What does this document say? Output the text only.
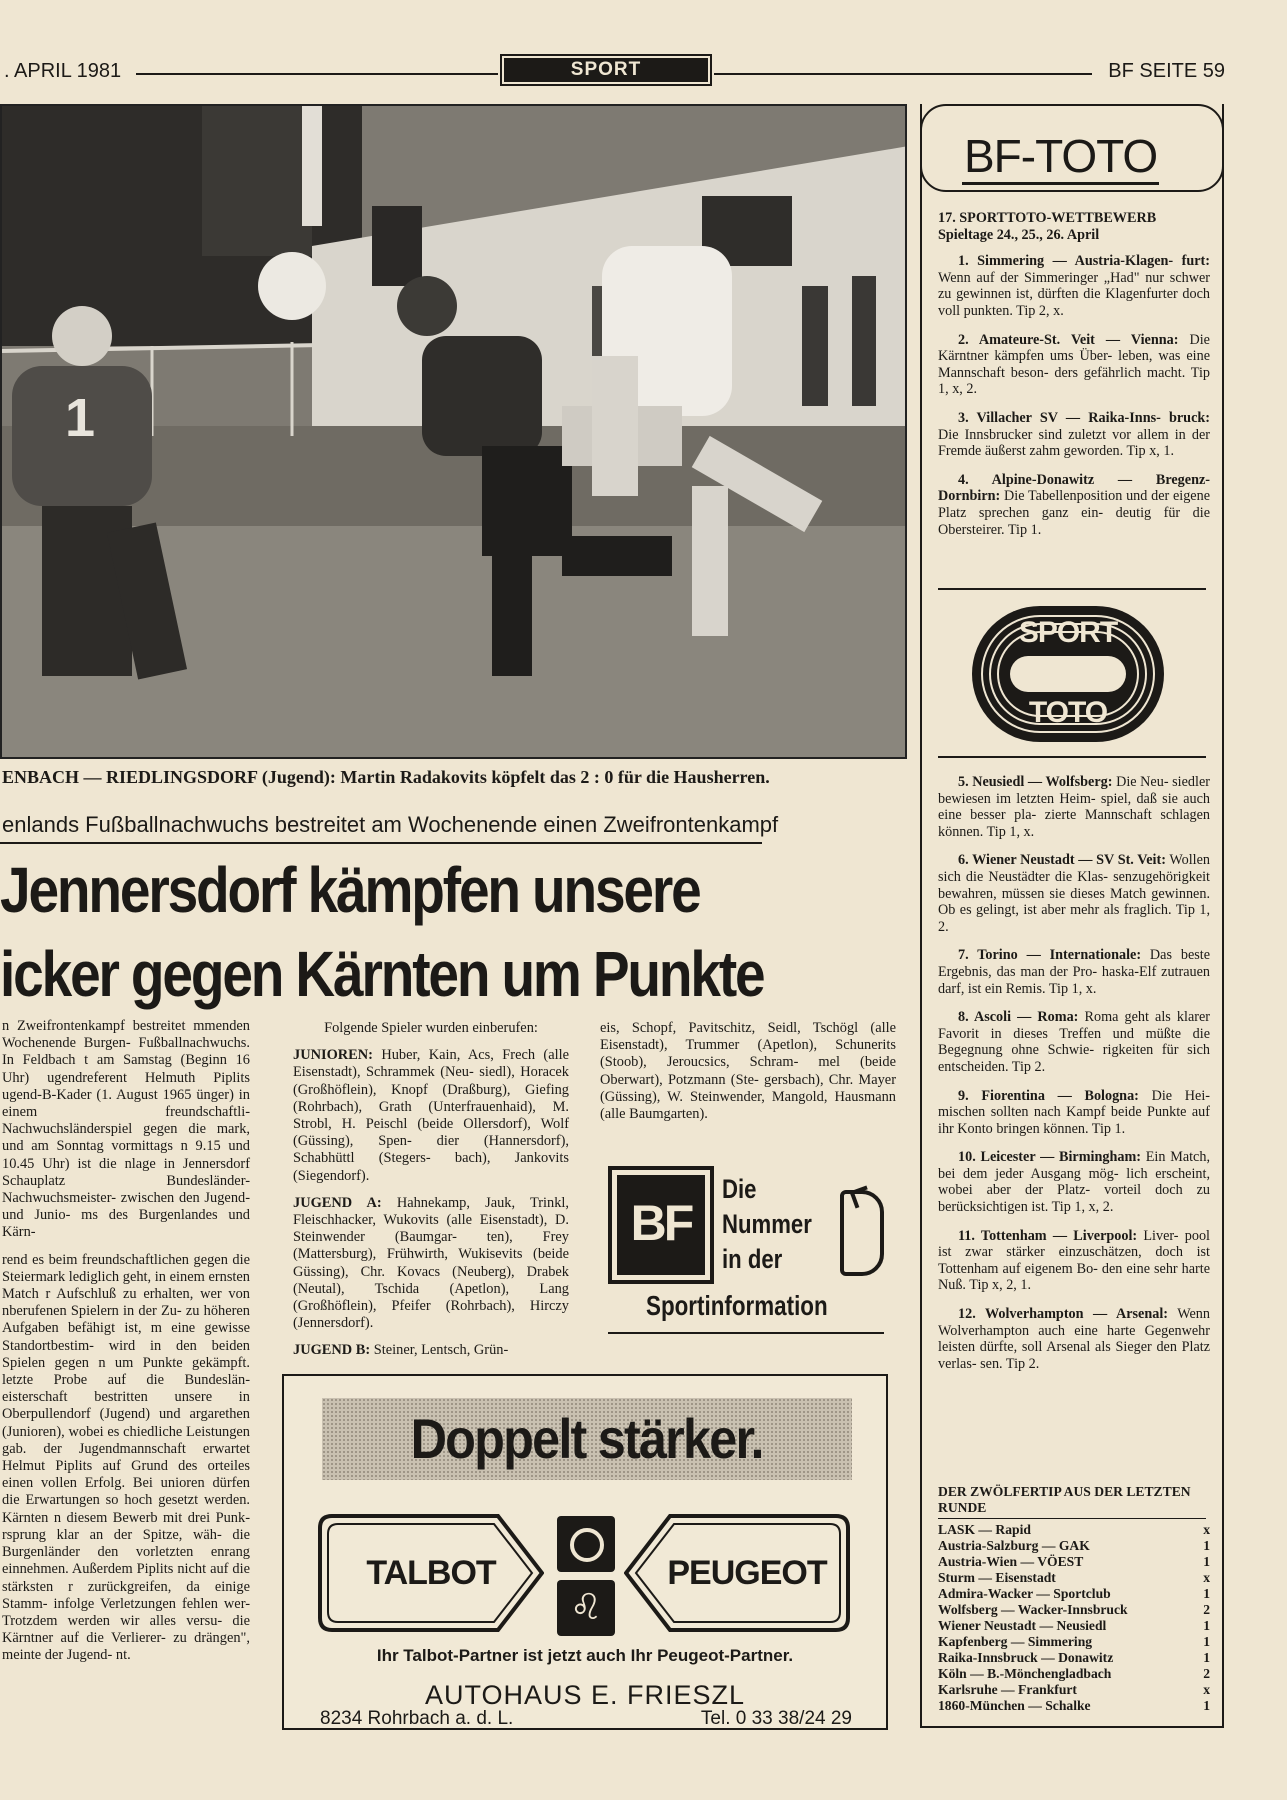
. APRIL 1981	SPORT	BF SEITE 59
1
ENBACH — RIEDLINGSDORF (Jugend): Martin Radakovits köpfelt das 2 : 0 für die Hausherren.
enlands Fußballnachwuchs bestreitet am Wochenende einen Zweifrontenkampf
Jennersdorf kämpfen unsere
icker gegen Kärnten um Punkte

n Zweifrontenkampf bestreitet mmenden Wochenende Burgen- Fußballnachwuchs. In Feldbach t am Samstag (Beginn 16 Uhr) ugendreferent Helmuth Piplits ugend-B-Kader (1. August 1965 ünger) in einem freundschaftli- Nachwuchsländerspiel gegen die mark, und am Sonntag vormittags n 9.15 und 10.45 Uhr) ist die nlage in Jennersdorf Schauplatz Bundesländer-Nachwuchsmeister- zwischen den Jugend- und Junio- ms des Burgenlandes und Kärn-

rend es beim freundschaftlichen gegen die Steiermark lediglich geht, in einem ernsten Match r Aufschluß zu erhalten, wer von nberufenen Spielern in der Zu- zu höheren Aufgaben befähigt ist, m eine gewisse Standortbestim- wird in den beiden Spielen gegen n um Punkte gekämpft. letzte Probe auf die Bundeslän- eisterschaft bestritten unsere in Oberpullendorf (Jugend) und argarethen (Junioren), wobei es chiedliche Leistungen gab. der Jugendmannschaft erwartet Helmut Piplits auf Grund des orteiles einen vollen Erfolg. Bei unioren dürfen die Erwartungen so hoch gesetzt werden. Kärnten n diesem Bewerb mit drei Punk- rsprung klar an der Spitze, wäh- die Burgenländer den vorletzten enrang einnehmen. Außerdem Piplits nicht auf die stärksten r zurückgreifen, da einige Stamm- infolge Verletzungen fehlen wer- Trotzdem werden wir alles versu- die Kärntner auf die Verlierer- zu drängen", meinte der Jugend- nt.

Folgende Spieler wurden einberufen:

JUNIOREN: Huber, Kain, Acs, Frech (alle Eisenstadt), Schrammek (Neu- siedl), Horacek (Großhöflein), Knopf (Draßburg), Giefing (Rohrbach), Grath (Unterfrauenhaid), M. Strobl, H. Peischl (beide Ollersdorf), Wolf (Güssing), Spen- dier (Hannersdorf), Schabhüttl (Stegers- bach), Jankovits (Siegendorf).

JUGEND A: Hahnekamp, Jauk, Trinkl, Fleischhacker, Wukovits (alle Eisenstadt), D. Steinwender (Baumgar- ten), Frey (Mattersburg), Frühwirth, Wukisevits (beide Güssing), Chr. Kovacs (Neuberg), Drabek (Neutal), Tschida (Apetlon), Lang (Großhöflein), Pfeifer (Rohrbach), Hirczy (Jennersdorf).

JUGEND B: Steiner, Lentsch, Grün-

eis, Schopf, Pavitschitz, Seidl, Tschögl (alle Eisenstadt), Trummer (Apetlon), Schunerits (Stoob), Jeroucsics, Schram- mel (beide Oberwart), Potzmann (Ste- gersbach), Chr. Mayer (Güssing), W. Steinwender, Mangold, Hausmann (alle Baumgarten).

BF
Die
Nummer
in der
Sportinformation
Doppelt stärker.
TALBOT
♌
PEUGEOT
Ihr Talbot-Partner ist jetzt auch Ihr Peugeot-Partner.
AUTOHAUS E. FRIESZL
8234 Rohrbach a. d. L.	Tel. 0 33 38/24 29
BF-TOTO
17. SPORTTOTO-WETTBEWERB
Spieltage 24., 25., 26. April

1. Simmering — Austria-Klagen- furt: Wenn auf der Simmeringer „Had" nur schwer zu gewinnen ist, dürften die Klagenfurter doch voll punkten. Tip 2, x.

2. Amateure-St. Veit — Vienna: Die Kärntner kämpfen ums Über- leben, was eine Mannschaft beson- ders gefährlich macht. Tip 1, x, 2.

3. Villacher SV — Raika-Inns- bruck: Die Innsbrucker sind zuletzt vor allem in der Fremde äußerst zahm geworden. Tip x, 1.

4. Alpine-Donawitz — Bregenz- Dornbirn: Die Tabellenposition und der eigene Platz sprechen ganz ein- deutig für die Obersteirer. Tip 1.

SPORT
TOTO

5. Neusiedl — Wolfsberg: Die Neu- siedler bewiesen im letzten Heim- spiel, daß sie auch eine besser pla- zierte Mannschaft schlagen können. Tip 1, x.

6. Wiener Neustadt — SV St. Veit: Wollen sich die Neustädter die Klas- senzugehörigkeit bewahren, müssen sie dieses Match gewinnen. Ob es gelingt, ist aber mehr als fraglich. Tip 1, 2.

7. Torino — Internationale: Das beste Ergebnis, das man der Pro- haska-Elf zutrauen darf, ist ein Remis. Tip 1, x.

8. Ascoli — Roma: Roma geht als klarer Favorit in dieses Treffen und müßte die Begegnung ohne Schwie- rigkeiten für sich entscheiden. Tip 2.

9. Fiorentina — Bologna: Die Hei- mischen sollten nach Kampf beide Punkte auf ihr Konto bringen können. Tip 1.

10. Leicester — Birmingham: Ein Match, bei dem jeder Ausgang mög- lich erscheint, wobei aber der Platz- vorteil doch zu berücksichtigen ist. Tip 1, x, 2.

11. Tottenham — Liverpool: Liver- pool ist zwar stärker einzuschätzen, doch ist Tottenham auf eigenem Bo- den eine sehr harte Nuß. Tip x, 2, 1.

12. Wolverhampton — Arsenal: Wenn Wolverhampton auch eine harte Gegenwehr leisten dürfte, soll Arsenal als Sieger den Platz verlas- sen. Tip 2.

DER ZWÖLFERTIP AUS DER LETZTEN RUNDE
LASK — Rapid	x
Austria-Salzburg — GAK	1
Austria-Wien — VÖEST	1
Sturm — Eisenstadt	x
Admira-Wacker — Sportclub	1
Wolfsberg — Wacker-Innsbruck	2
Wiener Neustadt — Neusiedl	1
Kapfenberg — Simmering	1
Raika-Innsbruck — Donawitz	1
Köln — B.-Mönchengladbach	2
Karlsruhe — Frankfurt	x
1860-München — Schalke	1
